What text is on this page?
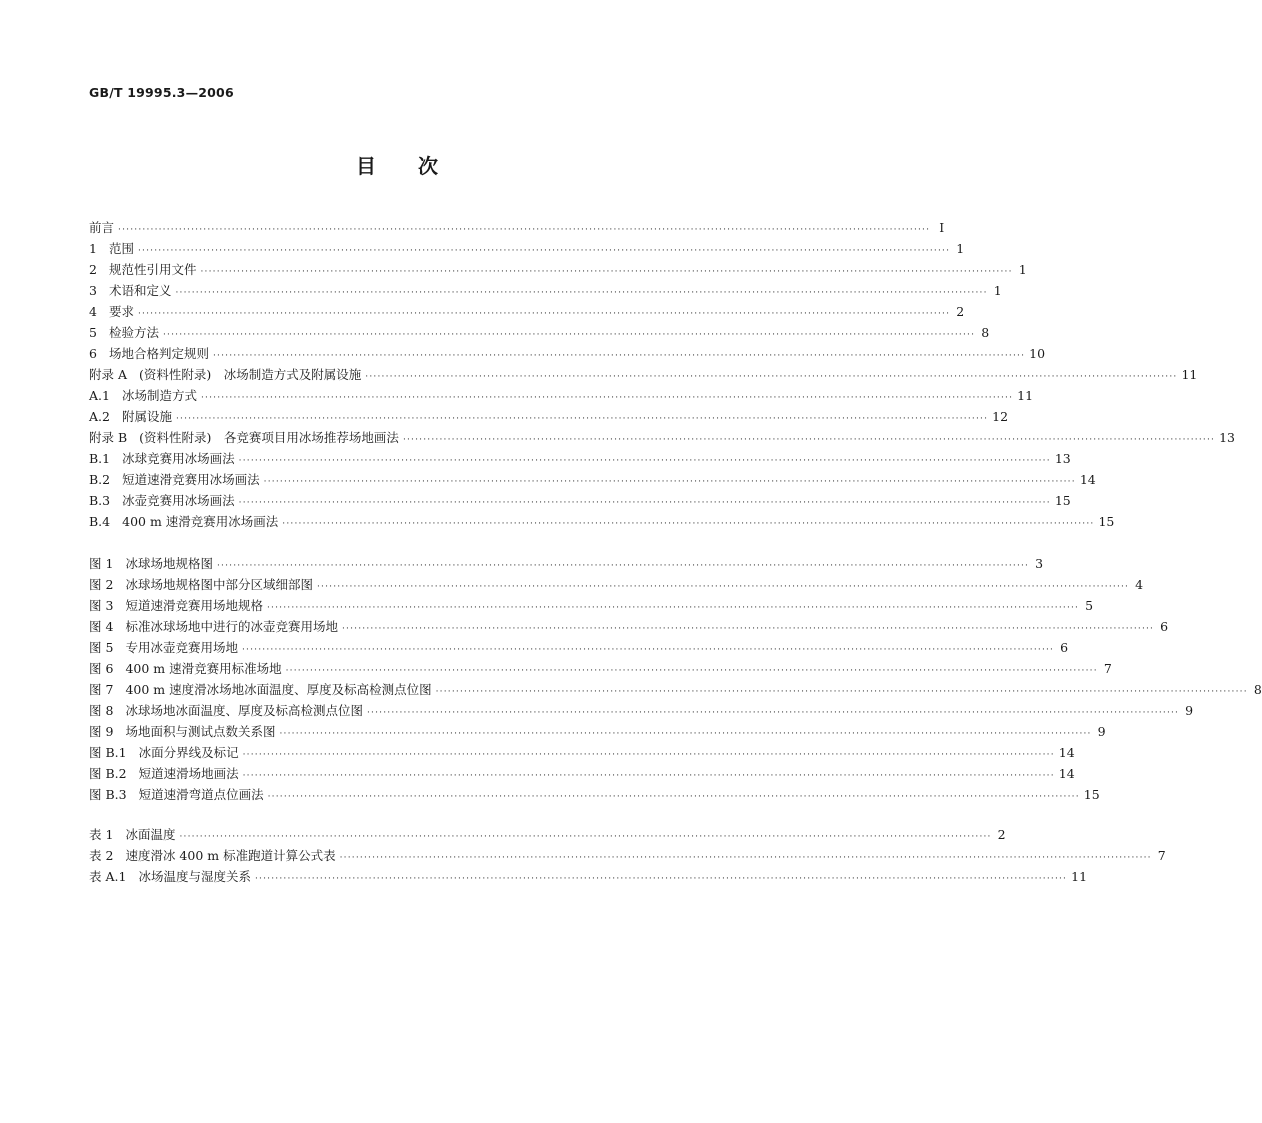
GB/T 19995.3—2006
目次
前言 ········································································································································································································ Ⅰ
1 范围 ········································································································································································································ 1
2 规范性引用文件 ········································································································································································································ 1
3 术语和定义 ········································································································································································································ 1
4 要求 ········································································································································································································ 2
5 检验方法 ········································································································································································································ 8
6 场地合格判定规则 ········································································································································································································ 10
附录 A (资料性附录)　冰场制造方式及附属设施 ········································································································································································································ 11
A.1 冰场制造方式 ········································································································································································································ 11
A.2 附属设施 ········································································································································································································ 12
附录 B (资料性附录)　各竞赛项目用冰场推荐场地画法 ········································································································································································································ 13
B.1 冰球竞赛用冰场画法 ········································································································································································································ 13
B.2 短道速滑竞赛用冰场画法 ········································································································································································································ 14
B.3 冰壶竞赛用冰场画法 ········································································································································································································ 15
B.4 400 m 速滑竞赛用冰场画法 ········································································································································································································ 15
图 1 冰球场地规格图 ········································································································································································································ 3
图 2 冰球场地规格图中部分区域细部图 ········································································································································································································ 4
图 3 短道速滑竞赛用场地规格 ········································································································································································································ 5
图 4 标准冰球场地中进行的冰壶竞赛用场地 ········································································································································································································ 6
图 5 专用冰壶竞赛用场地 ········································································································································································································ 6
图 6 400 m 速滑竞赛用标准场地 ········································································································································································································ 7
图 7 400 m 速度滑冰场地冰面温度、厚度及标高检测点位图 ········································································································································································································ 8
图 8 冰球场地冰面温度、厚度及标高检测点位图 ········································································································································································································ 9
图 9 场地面积与测试点数关系图 ········································································································································································································ 9
图 B.1 冰面分界线及标记 ········································································································································································································ 14
图 B.2 短道速滑场地画法 ········································································································································································································ 14
图 B.3 短道速滑弯道点位画法 ········································································································································································································ 15
表 1 冰面温度 ········································································································································································································ 2
表 2 速度滑冰 400 m 标准跑道计算公式表 ········································································································································································································ 7
表 A.1 冰场温度与湿度关系 ········································································································································································································ 11
